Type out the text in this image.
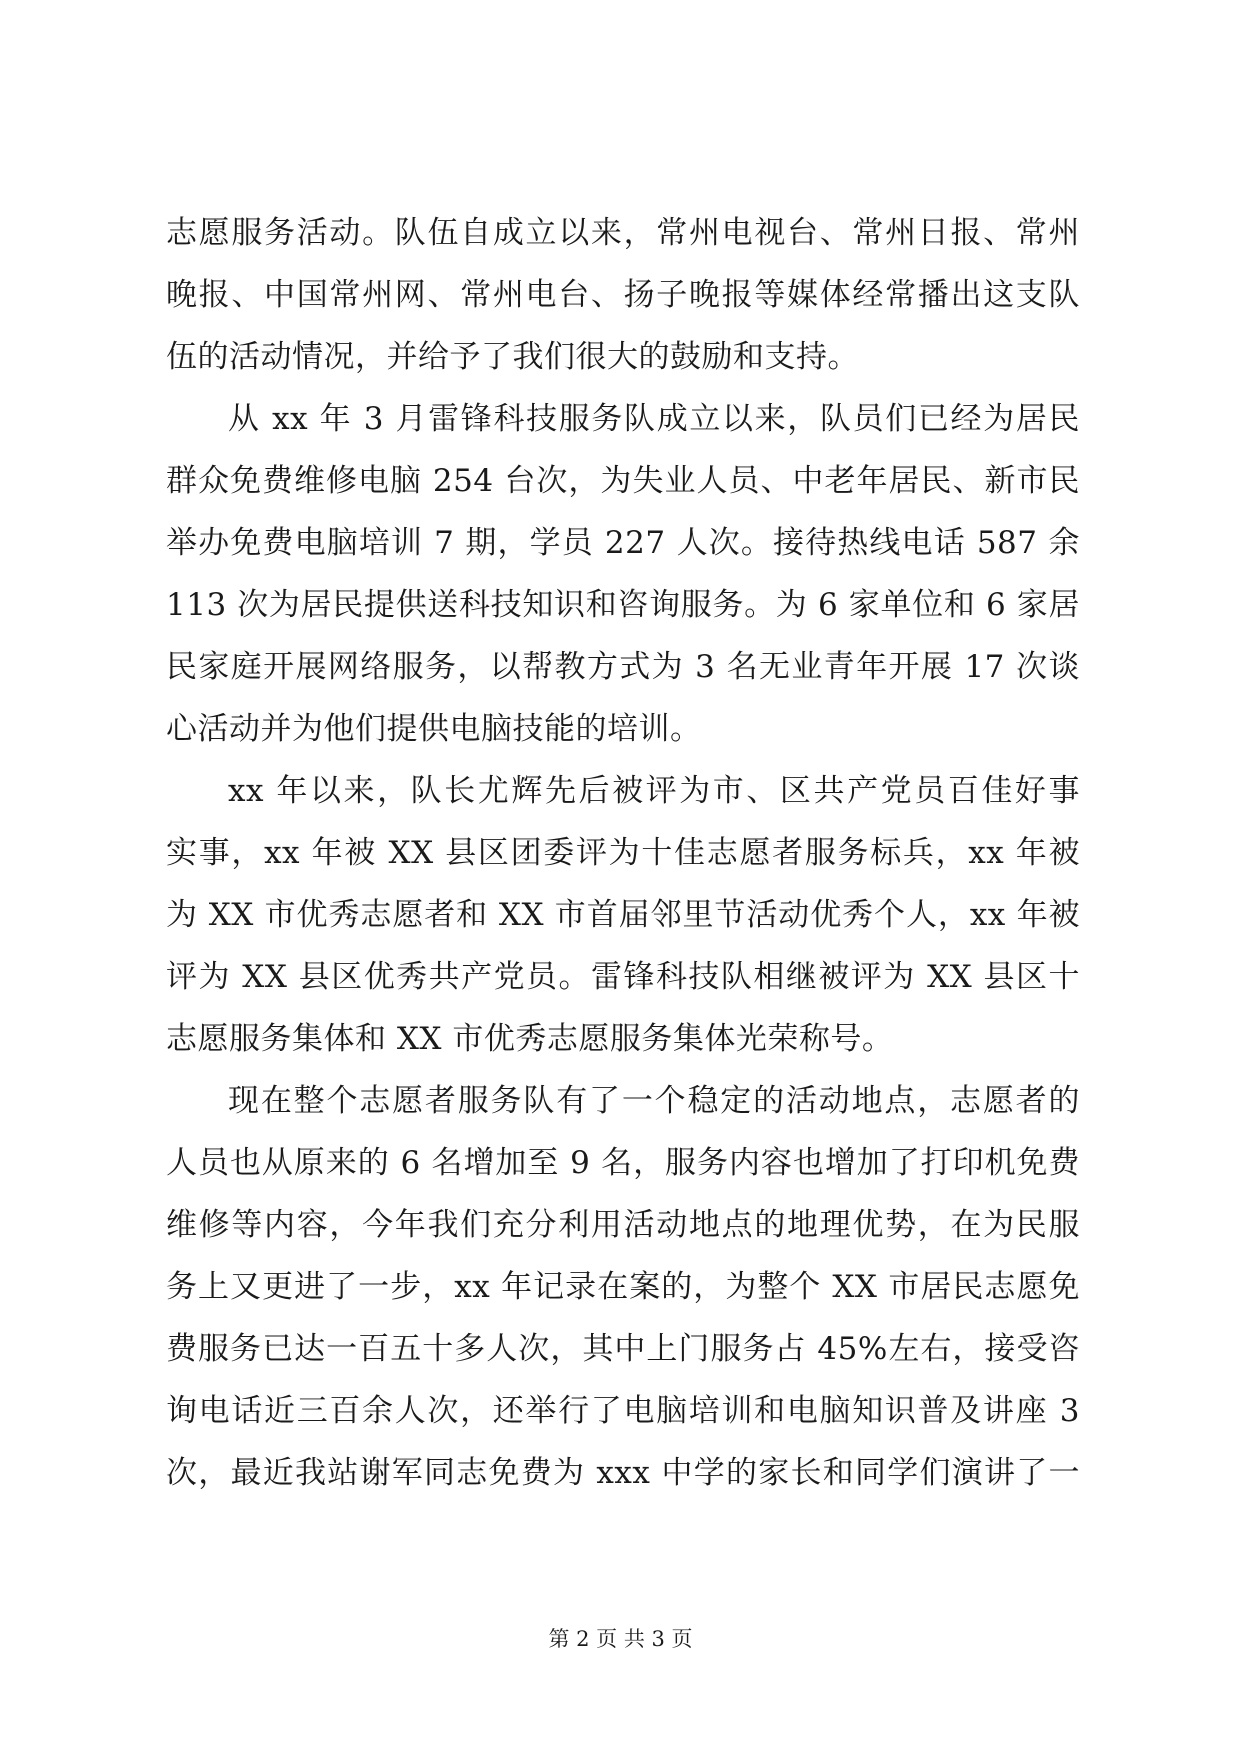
志愿服务活动。队伍自成立以来，常州电视台、常州日报、常州
晚报、中国常州网、常州电台、扬子晚报等媒体经常播出这支队
伍的活动情况，并给予了我们很大的鼓励和支持。
从 xx 年 3 月雷锋科技服务队成立以来，队员们已经为居民
群众免费维修电脑 254 台次，为失业人员、中老年居民、新市民
举办免费电脑培训 7 期，学员 227 人次。接待热线电话 587 余
113 次为居民提供送科技知识和咨询服务。为 6 家单位和 6 家居
民家庭开展网络服务，以帮教方式为 3 名无业青年开展 17 次谈
心活动并为他们提供电脑技能的培训。
xx 年以来，队长尤辉先后被评为市、区共产党员百佳好事
实事，xx 年被 XX 县区团委评为十佳志愿者服务标兵，xx 年被
为 XX 市优秀志愿者和 XX 市首届邻里节活动优秀个人，xx 年被
评为 XX 县区优秀共产党员。雷锋科技队相继被评为 XX 县区十
志愿服务集体和 XX 市优秀志愿服务集体光荣称号。
现在整个志愿者服务队有了一个稳定的活动地点，志愿者的
人员也从原来的 6 名增加至 9 名，服务内容也增加了打印机免费
维修等内容，今年我们充分利用活动地点的地理优势，在为民服
务上又更进了一步，xx 年记录在案的，为整个 XX 市居民志愿免
费服务已达一百五十多人次，其中上门服务占 45%左右，接受咨
询电话近三百余人次，还举行了电脑培训和电脑知识普及讲座 3
次，最近我站谢军同志免费为 xxx 中学的家长和同学们演讲了一
第 2 页 共 3 页
